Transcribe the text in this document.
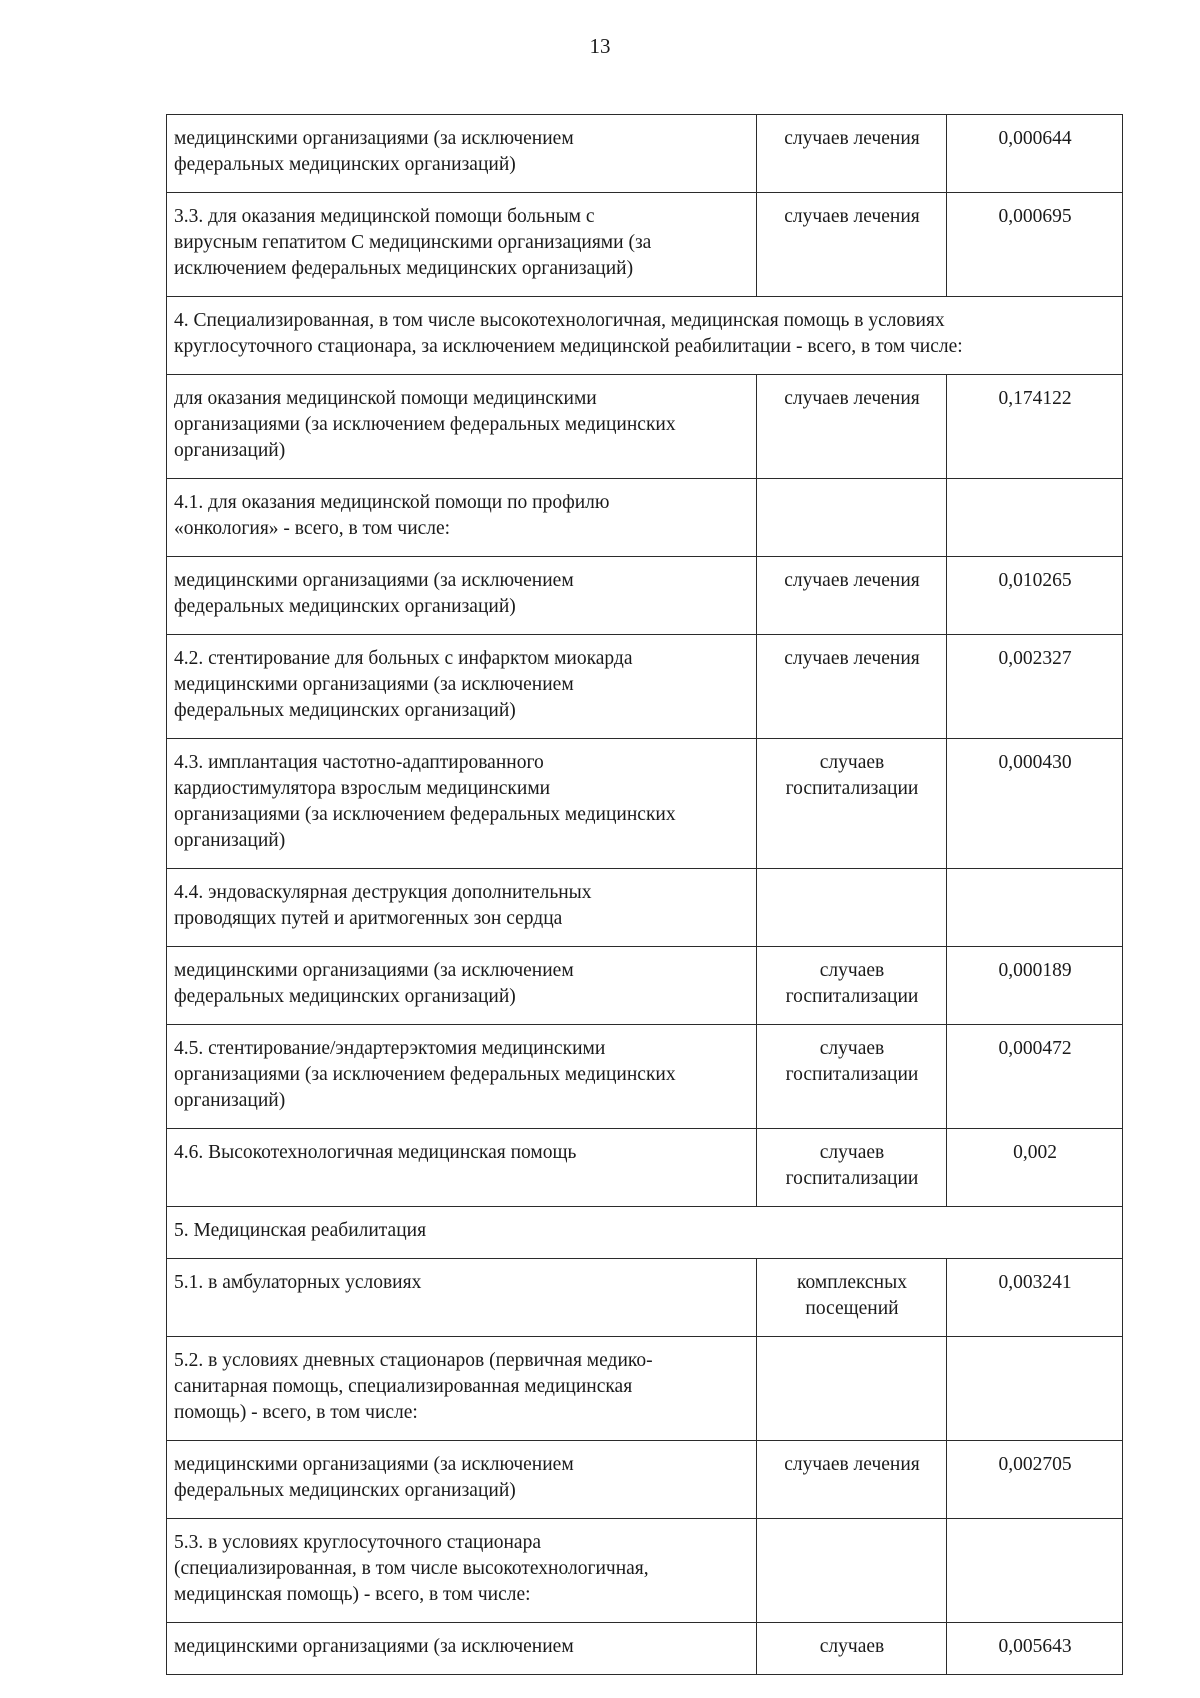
13
медицинскими организациями (за исключением
федеральных медицинских организаций)	случаев лечения	0,000644

3.3. для оказания медицинской помощи больным с
вирусным гепатитом С медицинскими организациями (за
исключением федеральных медицинских организаций)	случаев лечения	0,000695

4. Специализированная, в том числе высокотехнологичная, медицинская помощь в условиях
круглосуточного стационара, за исключением медицинской реабилитации - всего, в том числе:		

для оказания медицинской помощи медицинскими
организациями (за исключением федеральных медицинских
организаций)	случаев лечения	0,174122

4.1. для оказания медицинской помощи по профилю
«онкология» - всего, в том числе:		

медицинскими организациями (за исключением
федеральных медицинских организаций)	случаев лечения	0,010265

4.2. стентирование для больных с инфарктом миокарда
медицинскими организациями (за исключением
федеральных медицинских организаций)	случаев лечения	0,002327

4.3. имплантация частотно-адаптированного
кардиостимулятора взрослым медицинскими
организациями (за исключением федеральных медицинских
организаций)	случаев
госпитализации	0,000430

4.4. эндоваскулярная деструкция дополнительных
проводящих путей и аритмогенных зон сердца		

медицинскими организациями (за исключением
федеральных медицинских организаций)	случаев
госпитализации	0,000189

4.5. стентирование/эндартерэктомия медицинскими
организациями (за исключением федеральных медицинских
организаций)	случаев
госпитализации	0,000472

4.6. Высокотехнологичная медицинская помощь	случаев
госпитализации	0,002

5. Медицинская реабилитация		

5.1. в амбулаторных условиях	комплексных
посещений	0,003241

5.2. в условиях дневных стационаров (первичная медико-
санитарная помощь, специализированная медицинская
помощь) - всего, в том числе:		

медицинскими организациями (за исключением
федеральных медицинских организаций)	случаев лечения	0,002705

5.3. в условиях круглосуточного стационара
(специализированная, в том числе высокотехнологичная,
медицинская помощь) - всего, в том числе:		

медицинскими организациями (за исключением	случаев	0,005643
